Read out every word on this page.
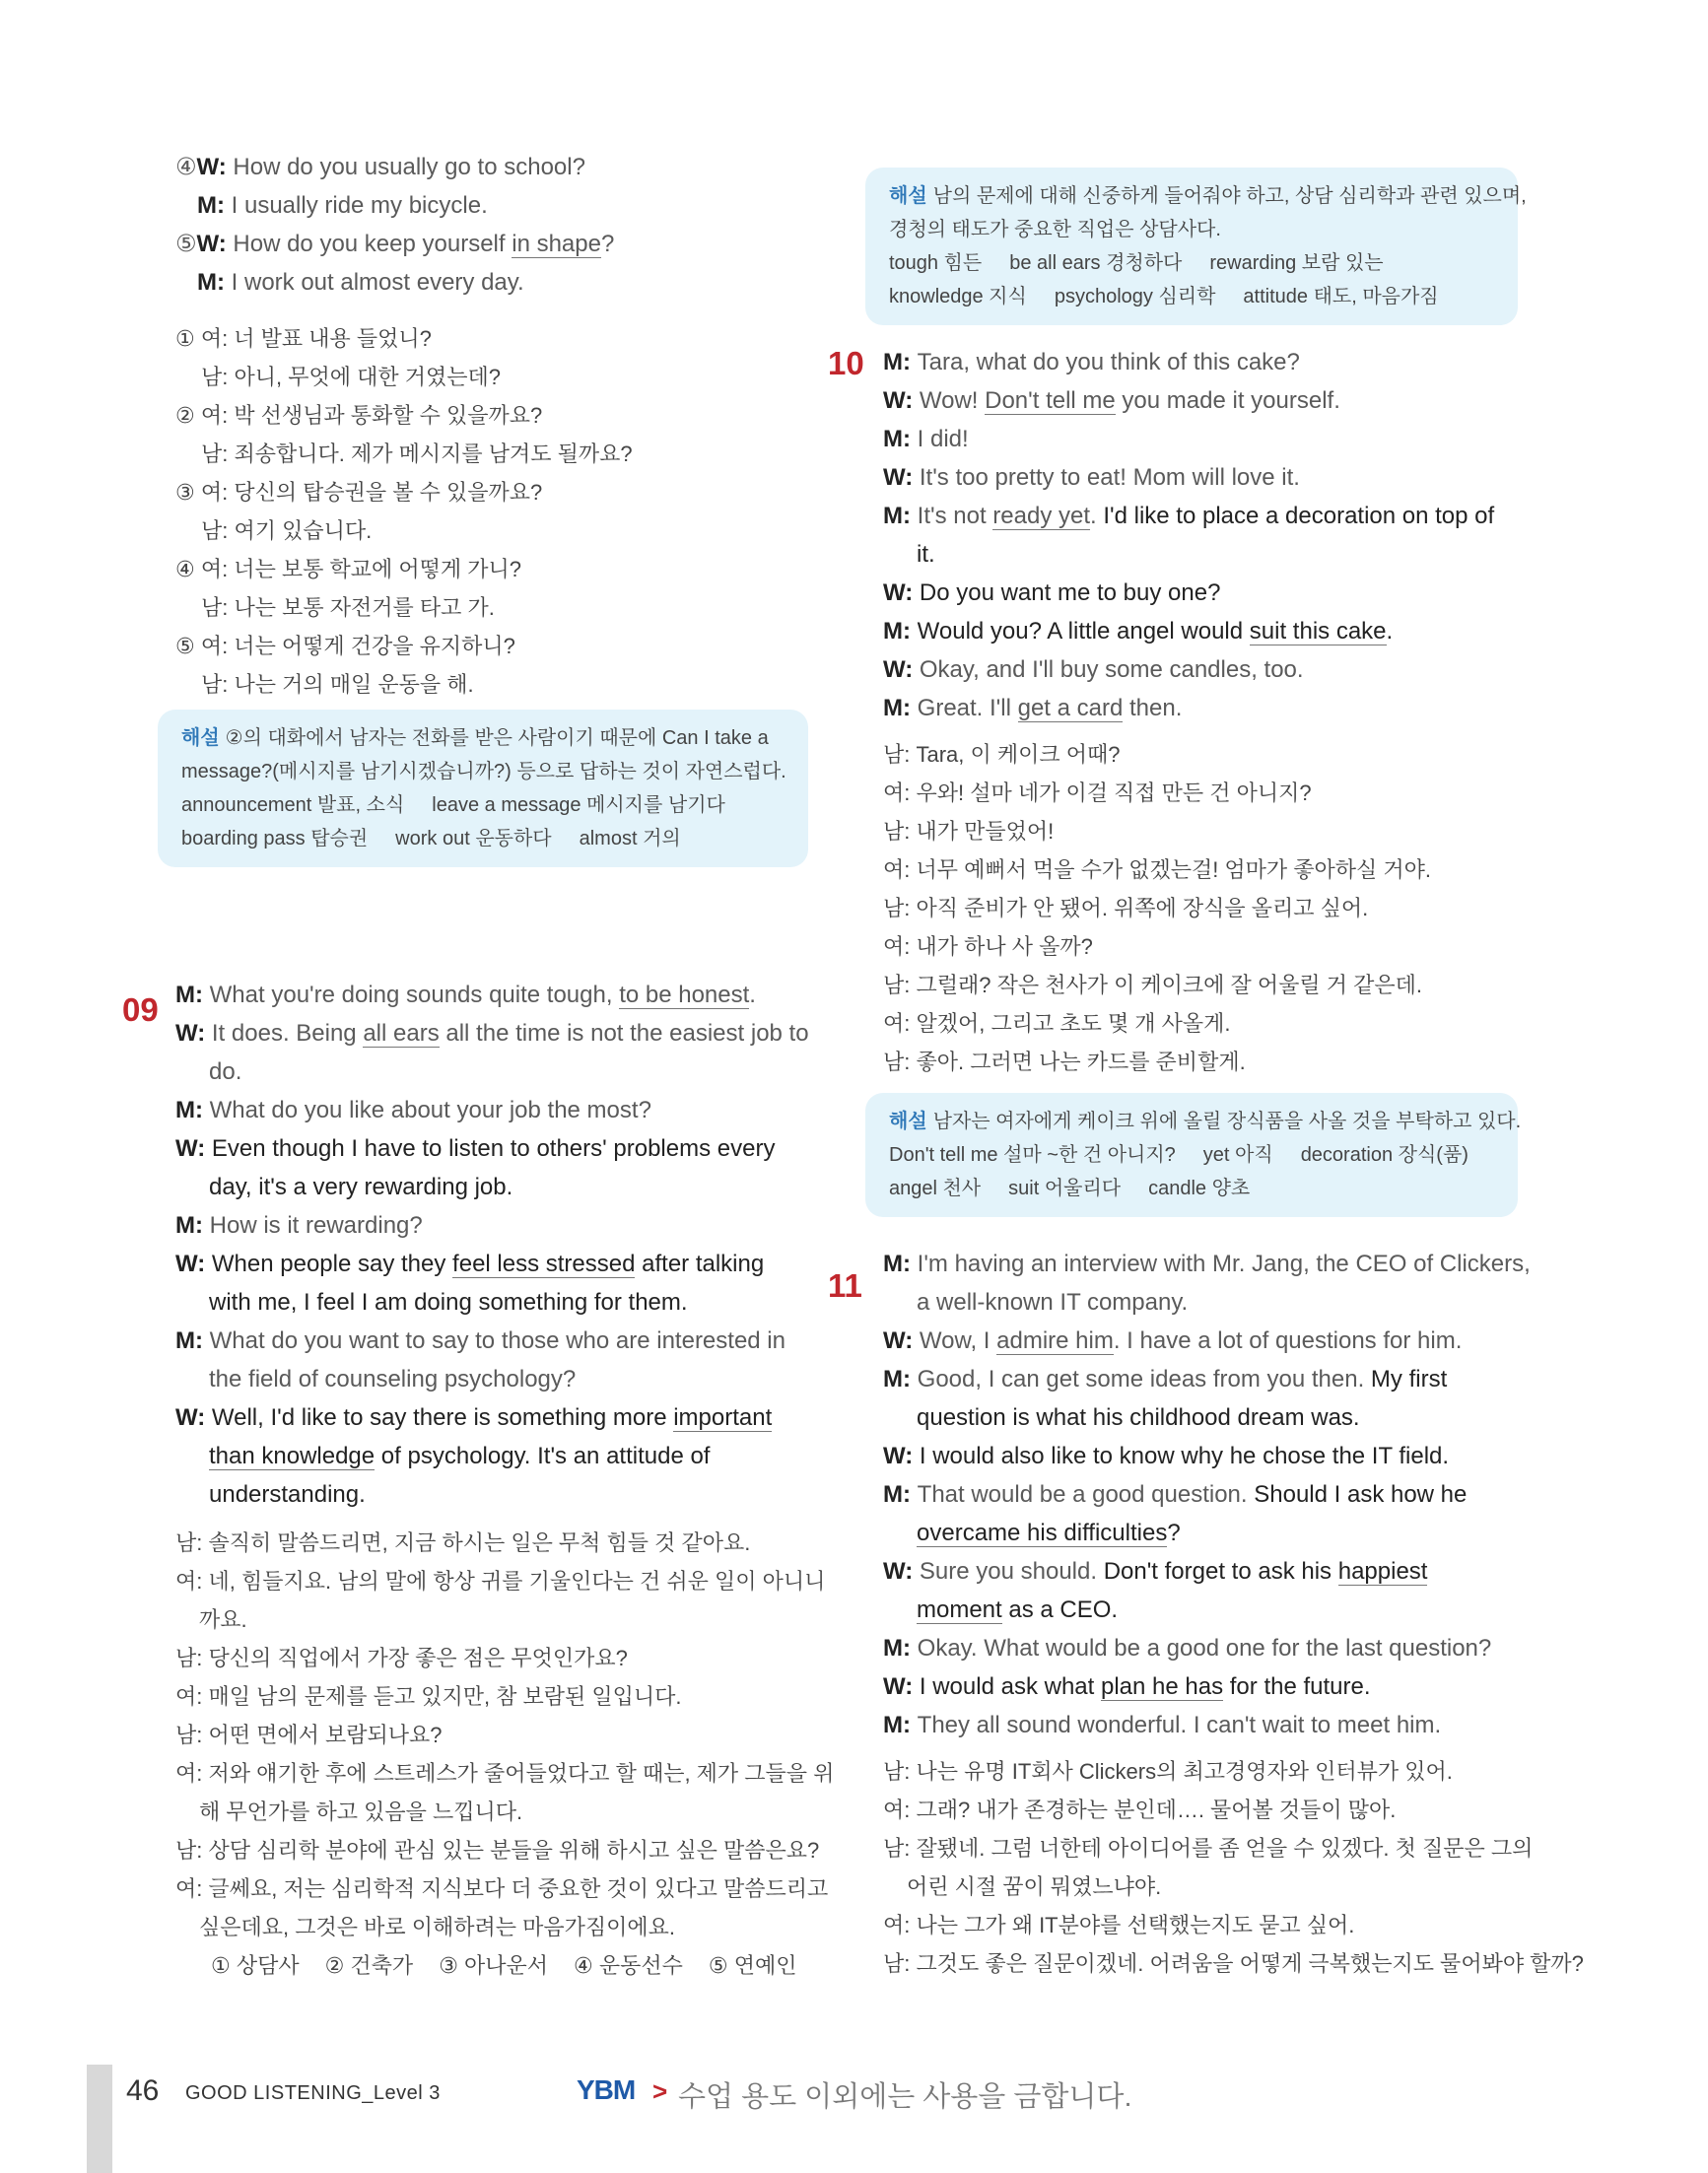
④W: How do you usually go to school?
M: I usually ride my bicycle.
⑤W: How do you keep yourself in shape?
M: I work out almost every day.
① 여: 너 발표 내용 들었니?
남: 아니, 무엇에 대한 거였는데?
② 여: 박 선생님과 통화할 수 있을까요?
남: 죄송합니다. 제가 메시지를 남겨도 될까요?
③ 여: 당신의 탑승권을 볼 수 있을까요?
남: 여기 있습니다.
④ 여: 너는 보통 학교에 어떻게 가니?
남: 나는 보통 자전거를 타고 가.
⑤ 여: 너는 어떻게 건강을 유지하니?
남: 나는 거의 매일 운동을 해.
해설 ②의 대화에서 남자는 전화를 받은 사람이기 때문에 Can I take a
message?(메시지를 남기시겠습니까?) 등으로 답하는 것이 자연스럽다.
announcement 발표, 소식 leave a message 메시지를 남기다
boarding pass 탑승권 work out 운동하다 almost 거의
M: What you're doing sounds quite tough, to be honest.
W: It does. Being all ears all the time is not the easiest job to
do.
M: What do you like about your job the most?
W: Even though I have to listen to others' problems every
day, it's a very rewarding job.
M: How is it rewarding?
W: When people say they feel less stressed after talking
with me, I feel I am doing something for them.
M: What do you want to say to those who are interested in
the field of counseling psychology?
W: Well, I'd like to say there is something more important
than knowledge of psychology. It's an attitude of
understanding.
남: 솔직히 말씀드리면, 지금 하시는 일은 무척 힘들 것 같아요.
여: 네, 힘들지요. 남의 말에 항상 귀를 기울인다는 건 쉬운 일이 아니니
까요.
남: 당신의 직업에서 가장 좋은 점은 무엇인가요?
여: 매일 남의 문제를 듣고 있지만, 참 보람된 일입니다.
남: 어떤 면에서 보람되나요?
여: 저와 얘기한 후에 스트레스가 줄어들었다고 할 때는, 제가 그들을 위
해 무언가를 하고 있음을 느낍니다.
남: 상담 심리학 분야에 관심 있는 분들을 위해 하시고 싶은 말씀은요?
여: 글쎄요, 저는 심리학적 지식보다 더 중요한 것이 있다고 말씀드리고
싶은데요, 그것은 바로 이해하려는 마음가짐이에요.
① 상담사 ② 건축가 ③ 아나운서 ④ 운동선수 ⑤ 연예인
09
해설 남의 문제에 대해 신중하게 들어줘야 하고, 상담 심리학과 관련 있으며,
경청의 태도가 중요한 직업은 상담사다.
tough 힘든 be all ears 경청하다 rewarding 보람 있는
knowledge 지식 psychology 심리학 attitude 태도, 마음가짐
M: Tara, what do you think of this cake?
W: Wow! Don't tell me you made it yourself.
M: I did!
W: It's too pretty to eat! Mom will love it.
M: It's not ready yet. I'd like to place a decoration on top of
it.
W: Do you want me to buy one?
M: Would you? A little angel would suit this cake.
W: Okay, and I'll buy some candles, too.
M: Great. I'll get a card then.
남: Tara, 이 케이크 어때?
여: 우와! 설마 네가 이걸 직접 만든 건 아니지?
남: 내가 만들었어!
여: 너무 예뻐서 먹을 수가 없겠는걸! 엄마가 좋아하실 거야.
남: 아직 준비가 안 됐어. 위쪽에 장식을 올리고 싶어.
여: 내가 하나 사 올까?
남: 그럴래? 작은 천사가 이 케이크에 잘 어울릴 거 같은데.
여: 알겠어, 그리고 초도 몇 개 사올게.
남: 좋아. 그러면 나는 카드를 준비할게.
해설 남자는 여자에게 케이크 위에 올릴 장식품을 사올 것을 부탁하고 있다.
Don't tell me 설마 ~한 건 아니지? yet 아직 decoration 장식(품)
angel 천사 suit 어울리다 candle 양초
M: I'm having an interview with Mr. Jang, the CEO of Clickers,
a well-known IT company.
W: Wow, I admire him. I have a lot of questions for him.
M: Good, I can get some ideas from you then. My first
question is what his childhood dream was.
W: I would also like to know why he chose the IT field.
M: That would be a good question. Should I ask how he
overcame his difficulties?
W: Sure you should. Don't forget to ask his happiest
moment as a CEO.
M: Okay. What would be a good one for the last question?
W: I would ask what plan he has for the future.
M: They all sound wonderful. I can't wait to meet him.
남: 나는 유명 IT회사 Clickers의 최고경영자와 인터뷰가 있어.
여: 그래? 내가 존경하는 분인데…. 물어볼 것들이 많아.
남: 잘됐네. 그럼 너한테 아이디어를 좀 얻을 수 있겠다. 첫 질문은 그의
어린 시절 꿈이 뭐였느냐야.
여: 나는 그가 왜 IT분야를 선택했는지도 묻고 싶어.
남: 그것도 좋은 질문이겠네. 어려움을 어떻게 극복했는지도 물어봐야 할까?
10
11
46 GOOD LISTENING_Level 3	YBM > 수업 용도 이외에는 사용을 금합니다.
